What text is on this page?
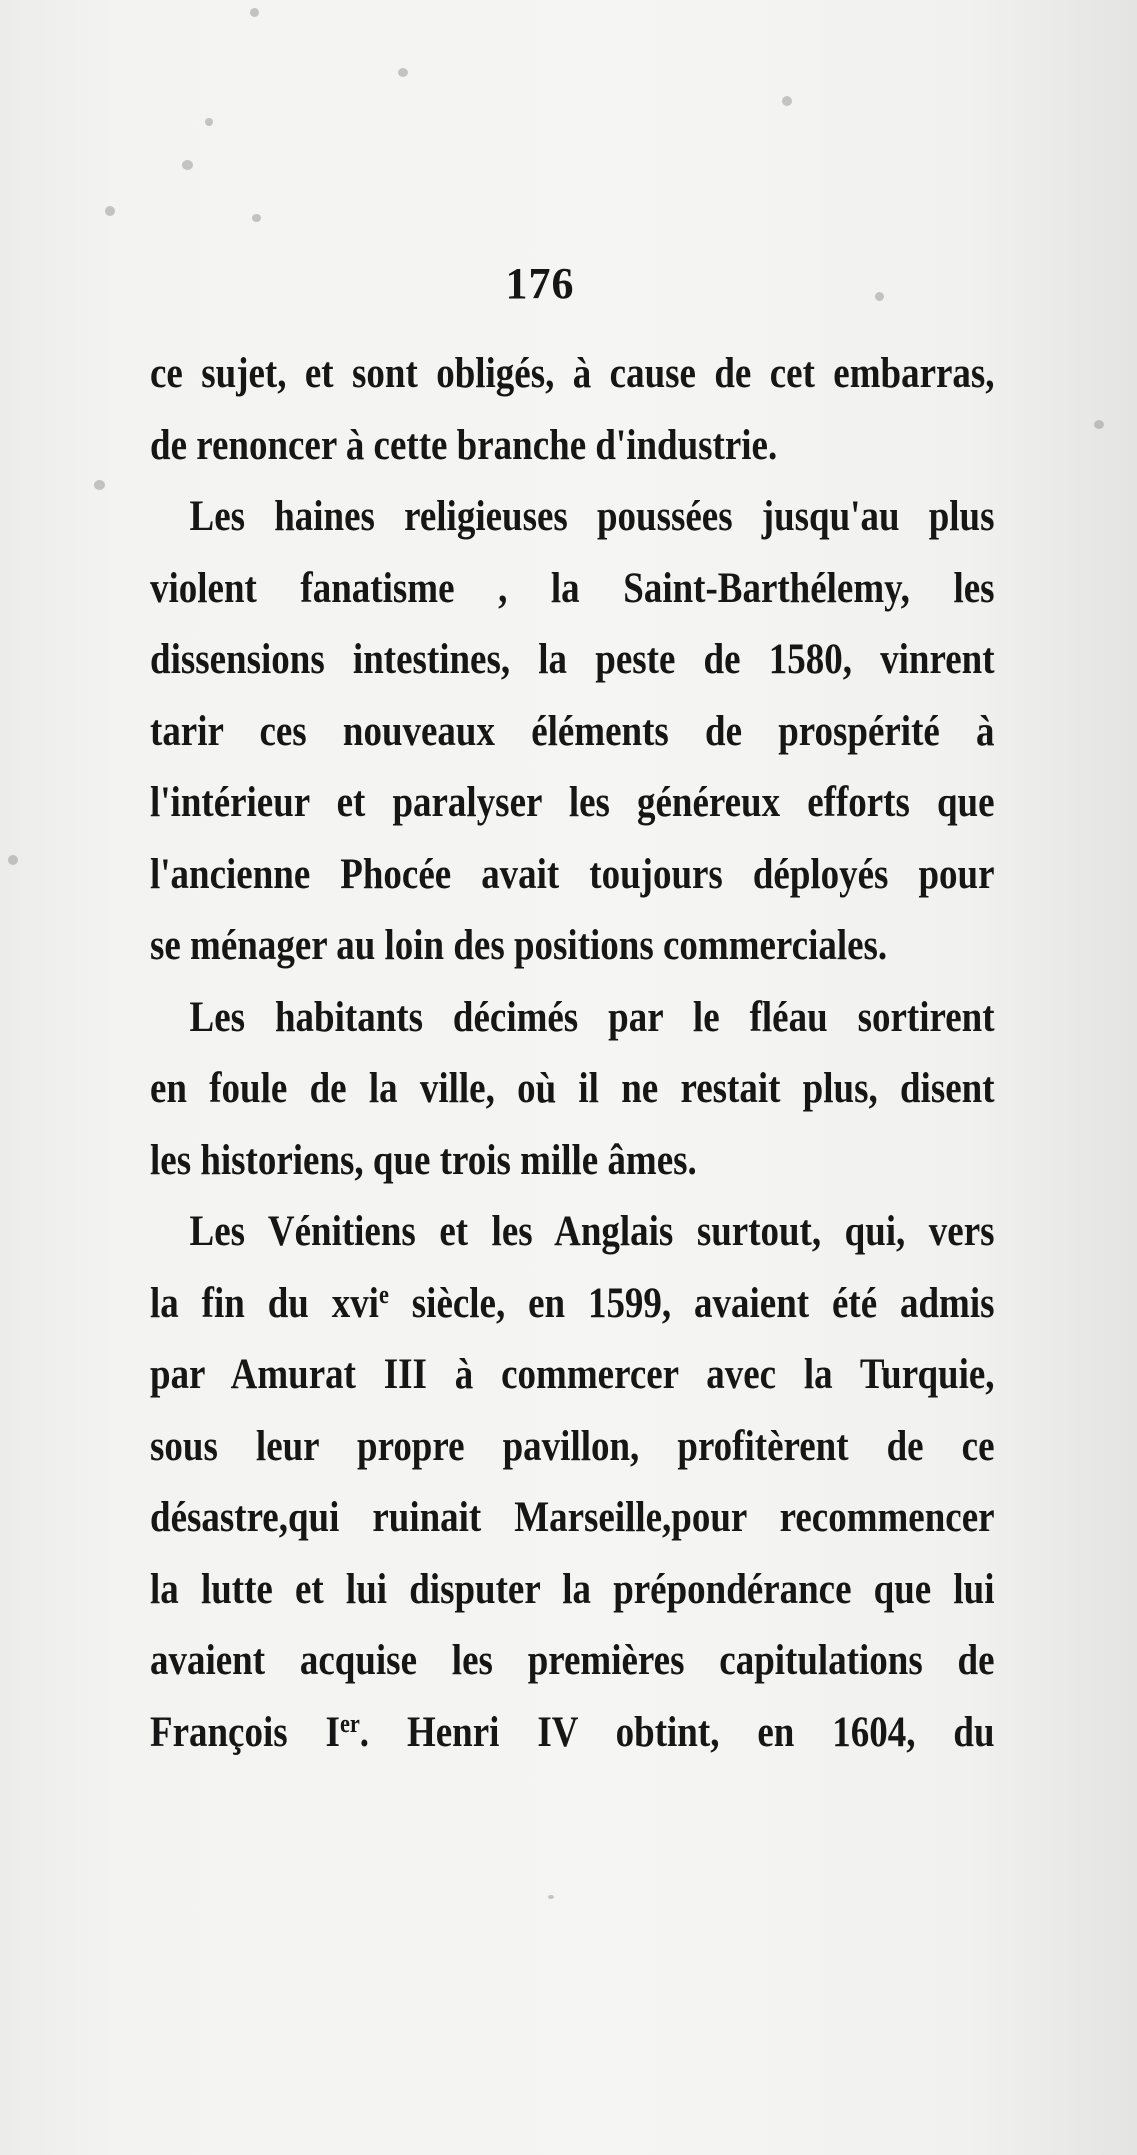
176
ce sujet, et sont obligés, à cause de cet embarras,
de renoncer à cette branche d'industrie.
Les haines religieuses poussées jusqu'au plus
violent fanatisme , la Saint-Barthélemy, les
dissensions intestines, la peste de 1580, vinrent
tarir ces nouveaux éléments de prospérité à
l'intérieur et paralyser les généreux efforts que
l'ancienne Phocée avait toujours déployés pour
se ménager au loin des positions commerciales.
Les habitants décimés par le fléau sortirent
en foule de la ville, où il ne restait plus, disent
les historiens, que trois mille âmes.
Les Vénitiens et les Anglais surtout, qui, vers
la fin du xvi$^e$ siècle, en 1599, avaient été admis
par Amurat III à commercer avec la Turquie,
sous leur propre pavillon, profitèrent de ce
désastre,qui ruinait Marseille,pour recommencer
la lutte et lui disputer la prépondérance que lui
avaient acquise les premières capitulations de
François Ier. Henri IV obtint, en 1604, du
